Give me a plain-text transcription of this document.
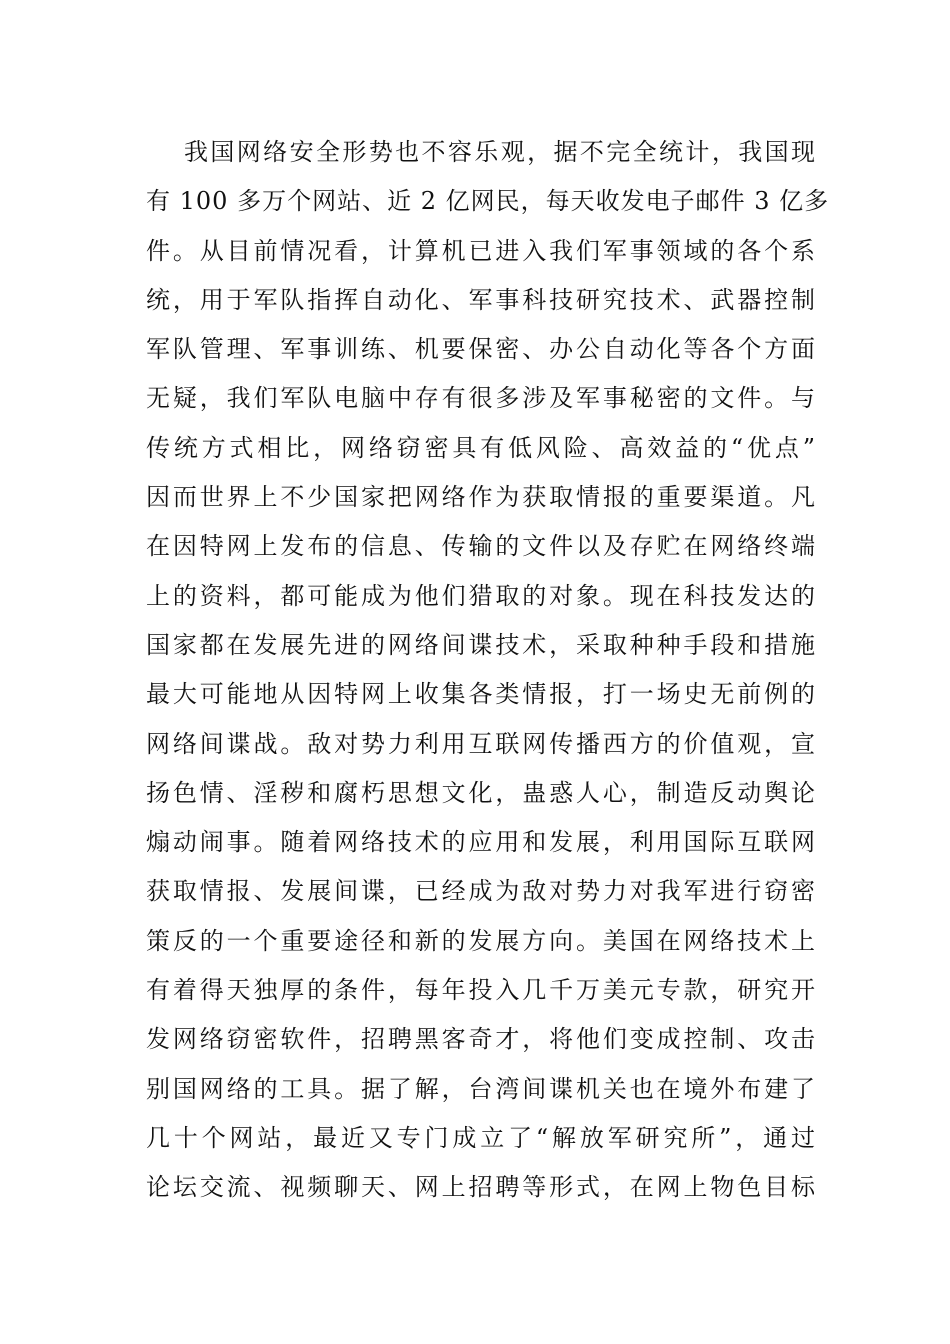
我国网络安全形势也不容乐观，据不完全统计，我国现
有 100 多万个网站、近 2 亿网民，每天收发电子邮件 3 亿多
件。从目前情况看，计算机已进入我们军事领域的各个系
统，用于军队指挥自动化、军事科技研究技术、武器控制
军队管理、军事训练、机要保密、办公自动化等各个方面
无疑，我们军队电脑中存有很多涉及军事秘密的文件。与
传统方式相比，网络窃密具有低风险、高效益的“优点”
因而世界上不少国家把网络作为获取情报的重要渠道。凡
在因特网上发布的信息、传输的文件以及存贮在网络终端
上的资料，都可能成为他们猎取的对象。现在科技发达的
国家都在发展先进的网络间谍技术，采取种种手段和措施
最大可能地从因特网上收集各类情报，打一场史无前例的
网络间谍战。敌对势力利用互联网传播西方的价值观，宣
扬色情、淫秽和腐朽思想文化，蛊惑人心，制造反动舆论
煽动闹事。随着网络技术的应用和发展，利用国际互联网
获取情报、发展间谍，已经成为敌对势力对我军进行窃密
策反的一个重要途径和新的发展方向。美国在网络技术上
有着得天独厚的条件，每年投入几千万美元专款，研究开
发网络窃密软件，招聘黑客奇才，将他们变成控制、攻击
别国网络的工具。据了解，台湾间谍机关也在境外布建了
几十个网站，最近又专门成立了“解放军研究所”，通过
论坛交流、视频聊天、网上招聘等形式，在网上物色目标
